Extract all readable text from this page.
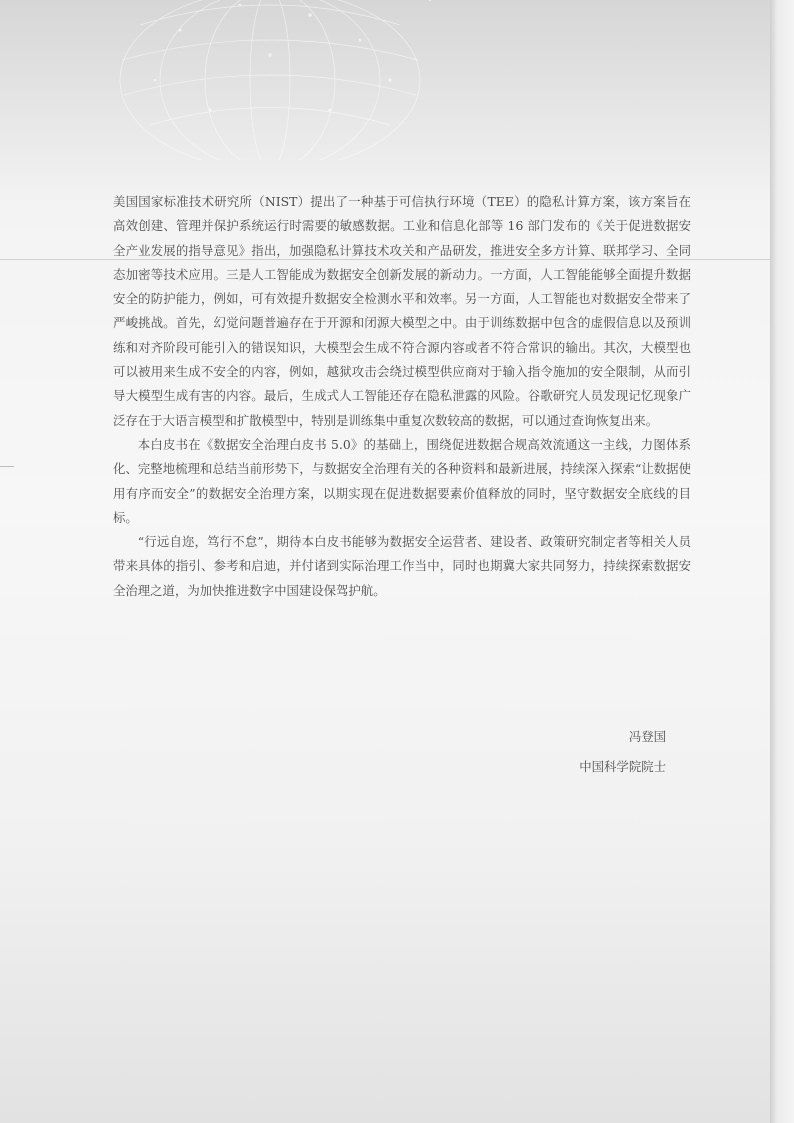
美国国家标准技术研究所（NIST）提出了一种基于可信执行环境（TEE）的隐私计算方案，该方案旨在高效创建、管理并保护系统运行时需要的敏感数据。工业和信息化部等 16 部门发布的《关于促进数据安全产业发展的指导意见》指出，加强隐私计算技术攻关和产品研发，推进安全多方计算、联邦学习、全同态加密等技术应用。三是人工智能成为数据安全创新发展的新动力。一方面，人工智能能够全面提升数据安全的防护能力，例如，可有效提升数据安全检测水平和效率。另一方面，人工智能也对数据安全带来了严峻挑战。首先，幻觉问题普遍存在于开源和闭源大模型之中。由于训练数据中包含的虚假信息以及预训练和对齐阶段可能引入的错误知识，大模型会生成不符合源内容或者不符合常识的输出。其次，大模型也可以被用来生成不安全的内容，例如，越狱攻击会绕过模型供应商对于输入指令施加的安全限制，从而引导大模型生成有害的内容。最后，生成式人工智能还存在隐私泄露的风险。谷歌研究人员发现记忆现象广泛存在于大语言模型和扩散模型中，特别是训练集中重复次数较高的数据，可以通过查询恢复出来。

本白皮书在《数据安全治理白皮书 5.0》的基础上，围绕促进数据合规高效流通这一主线，力图体系化、完整地梳理和总结当前形势下，与数据安全治理有关的各种资料和最新进展，持续深入探索“让数据使用有序而安全”的数据安全治理方案，以期实现在促进数据要素价值释放的同时，坚守数据安全底线的目标。

“行远自迩，笃行不怠”，期待本白皮书能够为数据安全运营者、建设者、政策研究制定者等相关人员带来具体的指引、参考和启迪，并付诸到实际治理工作当中，同时也期冀大家共同努力，持续探索数据安全治理之道，为加快推进数字中国建设保驾护航。

冯登国
中国科学院院士
